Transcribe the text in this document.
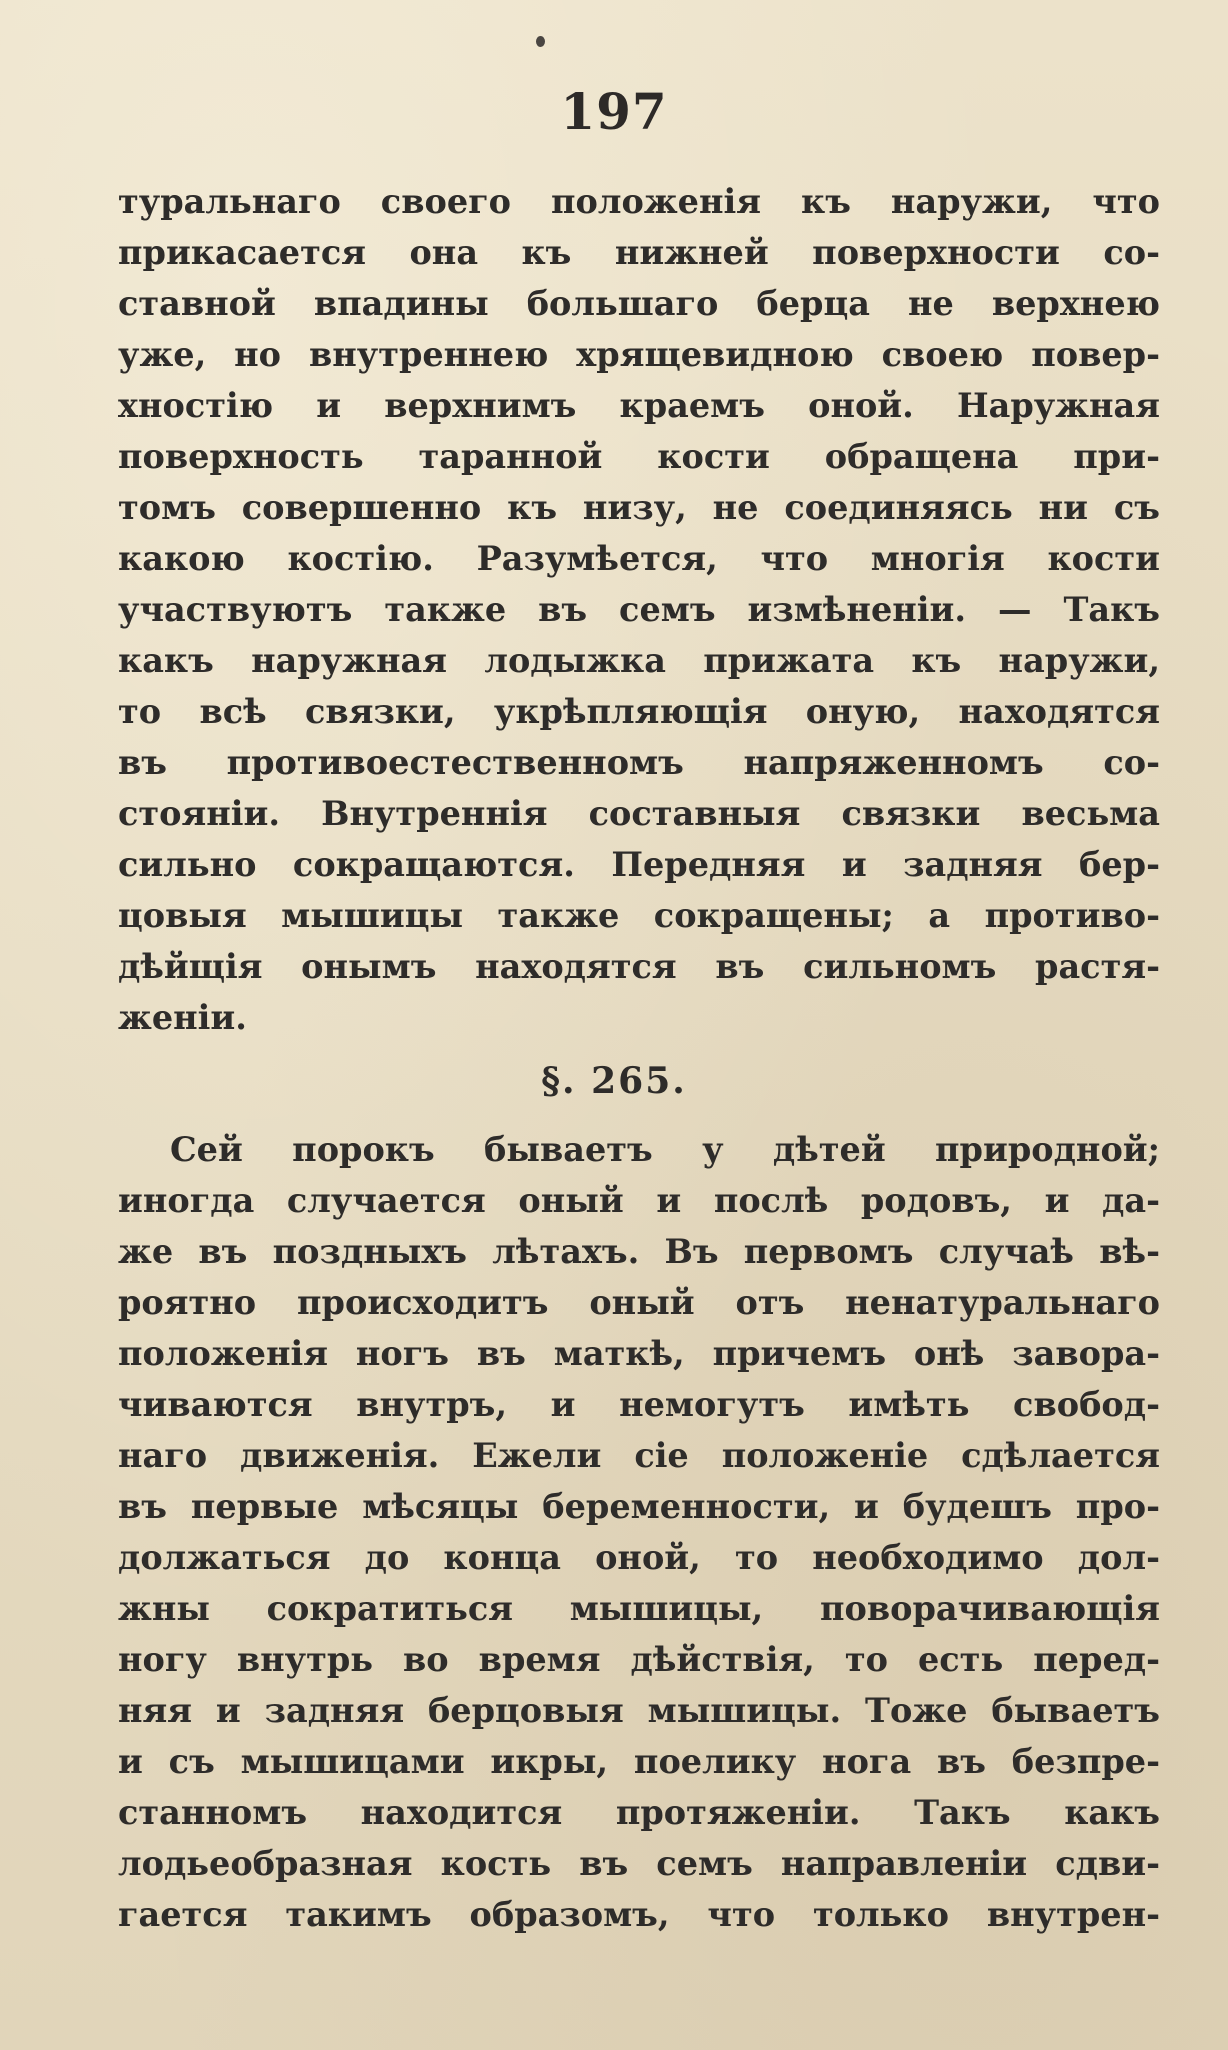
197
туральнаго своего положенія къ наружи, что
прикасается она къ нижней поверхности со-
ставной впадины большаго берца не верхнею
уже, но внутреннею хрящевидною своею повер-
хностію и верхнимъ краемъ оной. Наружная
поверхность таранной кости обращена при-
томъ совершенно къ низу, не соединяясь ни съ
какою костію. Разумѣется, что многія кости
участвуютъ также въ семъ измѣненіи. — Такъ
какъ наружная лодыжка прижата къ наружи,
то всѣ связки, укрѣпляющія оную, находятся
въ противоестественномъ напряженномъ со-
стояніи. Внутреннія составныя связки весьма
сильно сокращаются. Передняя и задняя бер-
цовыя мышицы также сокращены; а противо-
дѣйщія онымъ находятся въ сильномъ растя-
женіи.
§. 265.
Сей порокъ бываетъ у дѣтей природной;
иногда случается оный и послѣ родовъ, и да-
же въ поздныхъ лѣтахъ. Въ первомъ случаѣ вѣ-
роятно происходитъ оный отъ ненатуральнаго
положенія ногъ въ маткѣ, причемъ онѣ завора-
чиваются внутръ, и немогутъ имѣть свобод-
наго движенія. Ежели сіе положеніе сдѣлается
въ первые мѣсяцы беременности, и будешъ про-
должаться до конца оной, то необходимо дол-
жны сократиться мышицы, поворачивающія
ногу внутрь во время дѣйствія, то есть перед-
няя и задняя берцовыя мышицы. Тоже бываетъ
и съ мышицами икры, поелику нога въ безпре-
станномъ находится протяженіи. Такъ какъ
лодьеобразная кость въ семъ направленіи сдви-
гается такимъ образомъ, что только внутрен-
